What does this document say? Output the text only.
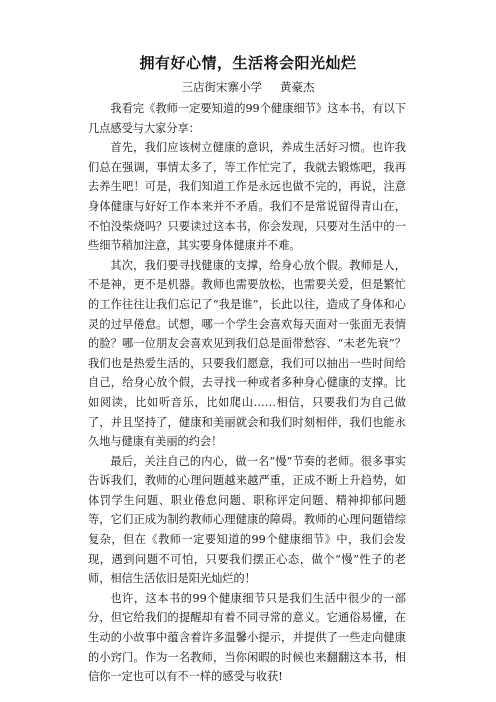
拥有好心情，生活将会阳光灿烂
三店街宋寨小学 黄豪杰

我看完《教师一定要知道的99个健康细节》这本书，有以下几点感受与大家分享：

首先，我们应该树立健康的意识，养成生活好习惯。也许我们总在强调，事情太多了，等工作忙完了，我就去锻炼吧，我再去养生吧！可是，我们知道工作是永远也做不完的，再说，注意身体健康与好好工作本来并不矛盾。我们不是常说留得青山在，不怕没柴烧吗？只要读过这本书，你会发现，只要对生活中的一些细节稍加注意，其实要身体健康并不难。

其次，我们要寻找健康的支撑，给身心放个假。教师是人，不是神，更不是机器。教师也需要放松，也需要关爱，但是繁忙的工作往往让我们忘记了“我是谁”，长此以往，造成了身体和心灵的过早倦怠。试想，哪一个学生会喜欢每天面对一张面无表情的脸？哪一位朋友会喜欢见到我们总是面带愁容、“未老先衰”？我们也是热爱生活的，只要我们愿意，我们可以抽出一些时间给自己，给身心放个假，去寻找一种或者多种身心健康的支撑。比如阅读，比如听音乐，比如爬山……相信，只要我们为自己做了，并且坚持了，健康和美丽就会和我们时刻相伴，我们也能永久地与健康有美丽的约会！

最后，关注自己的内心，做一名“慢”节奏的老师。很多事实告诉我们，教师的心理问题越来越严重，正成不断上升趋势，如体罚学生问题、职业倦怠问题、职称评定问题、精神抑郁问题等，它们正成为制约教师心理健康的障碍。教师的心理问题错综复杂，但在《教师一定要知道的99个健康细节》中，我们会发现，遇到问题不可怕，只要我们摆正心态，做个“慢”性子的老师，相信生活依旧是阳光灿烂的！

也许，这本书的99个健康细节只是我们生活中很少的一部分，但它给我们的提醒却有着不同寻常的意义。它通俗易懂，在生动的小故事中蕴含着许多温馨小提示，并提供了一些走向健康的小窍门。作为一名教师，当你闲暇的时候也来翻翻这本书，相信你一定也可以有不一样的感受与收获!
